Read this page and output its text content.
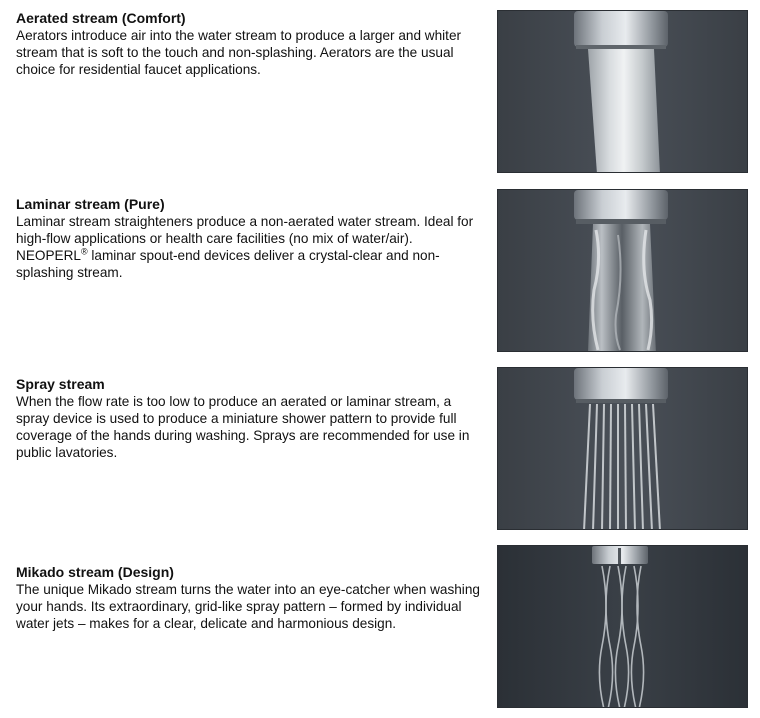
Aerated stream (Comfort)

Aerators introduce air into the water stream to produce a larger and whiter stream that is soft to the touch and non-splashing. Aerators are the usual choice for residential faucet applications.

Laminar stream (Pure)

Laminar stream straighteners produce a non-aerated water stream. Ideal for high-flow applications or health care facilities (no mix of water/air). NEOPERL® laminar spout-end devices deliver a crystal-clear and non-splashing stream.

Spray stream

When the flow rate is too low to produce an aerated or laminar stream, a spray device is used to produce a miniature shower pattern to provide full coverage of the hands during washing. Sprays are recommended for use in public lavatories.

Mikado stream (Design)

The unique Mikado stream turns the water into an eye-catcher when washing your hands. Its extraordinary, grid-like spray pattern – formed by individual water jets – makes for a clear, delicate and harmonious design.
